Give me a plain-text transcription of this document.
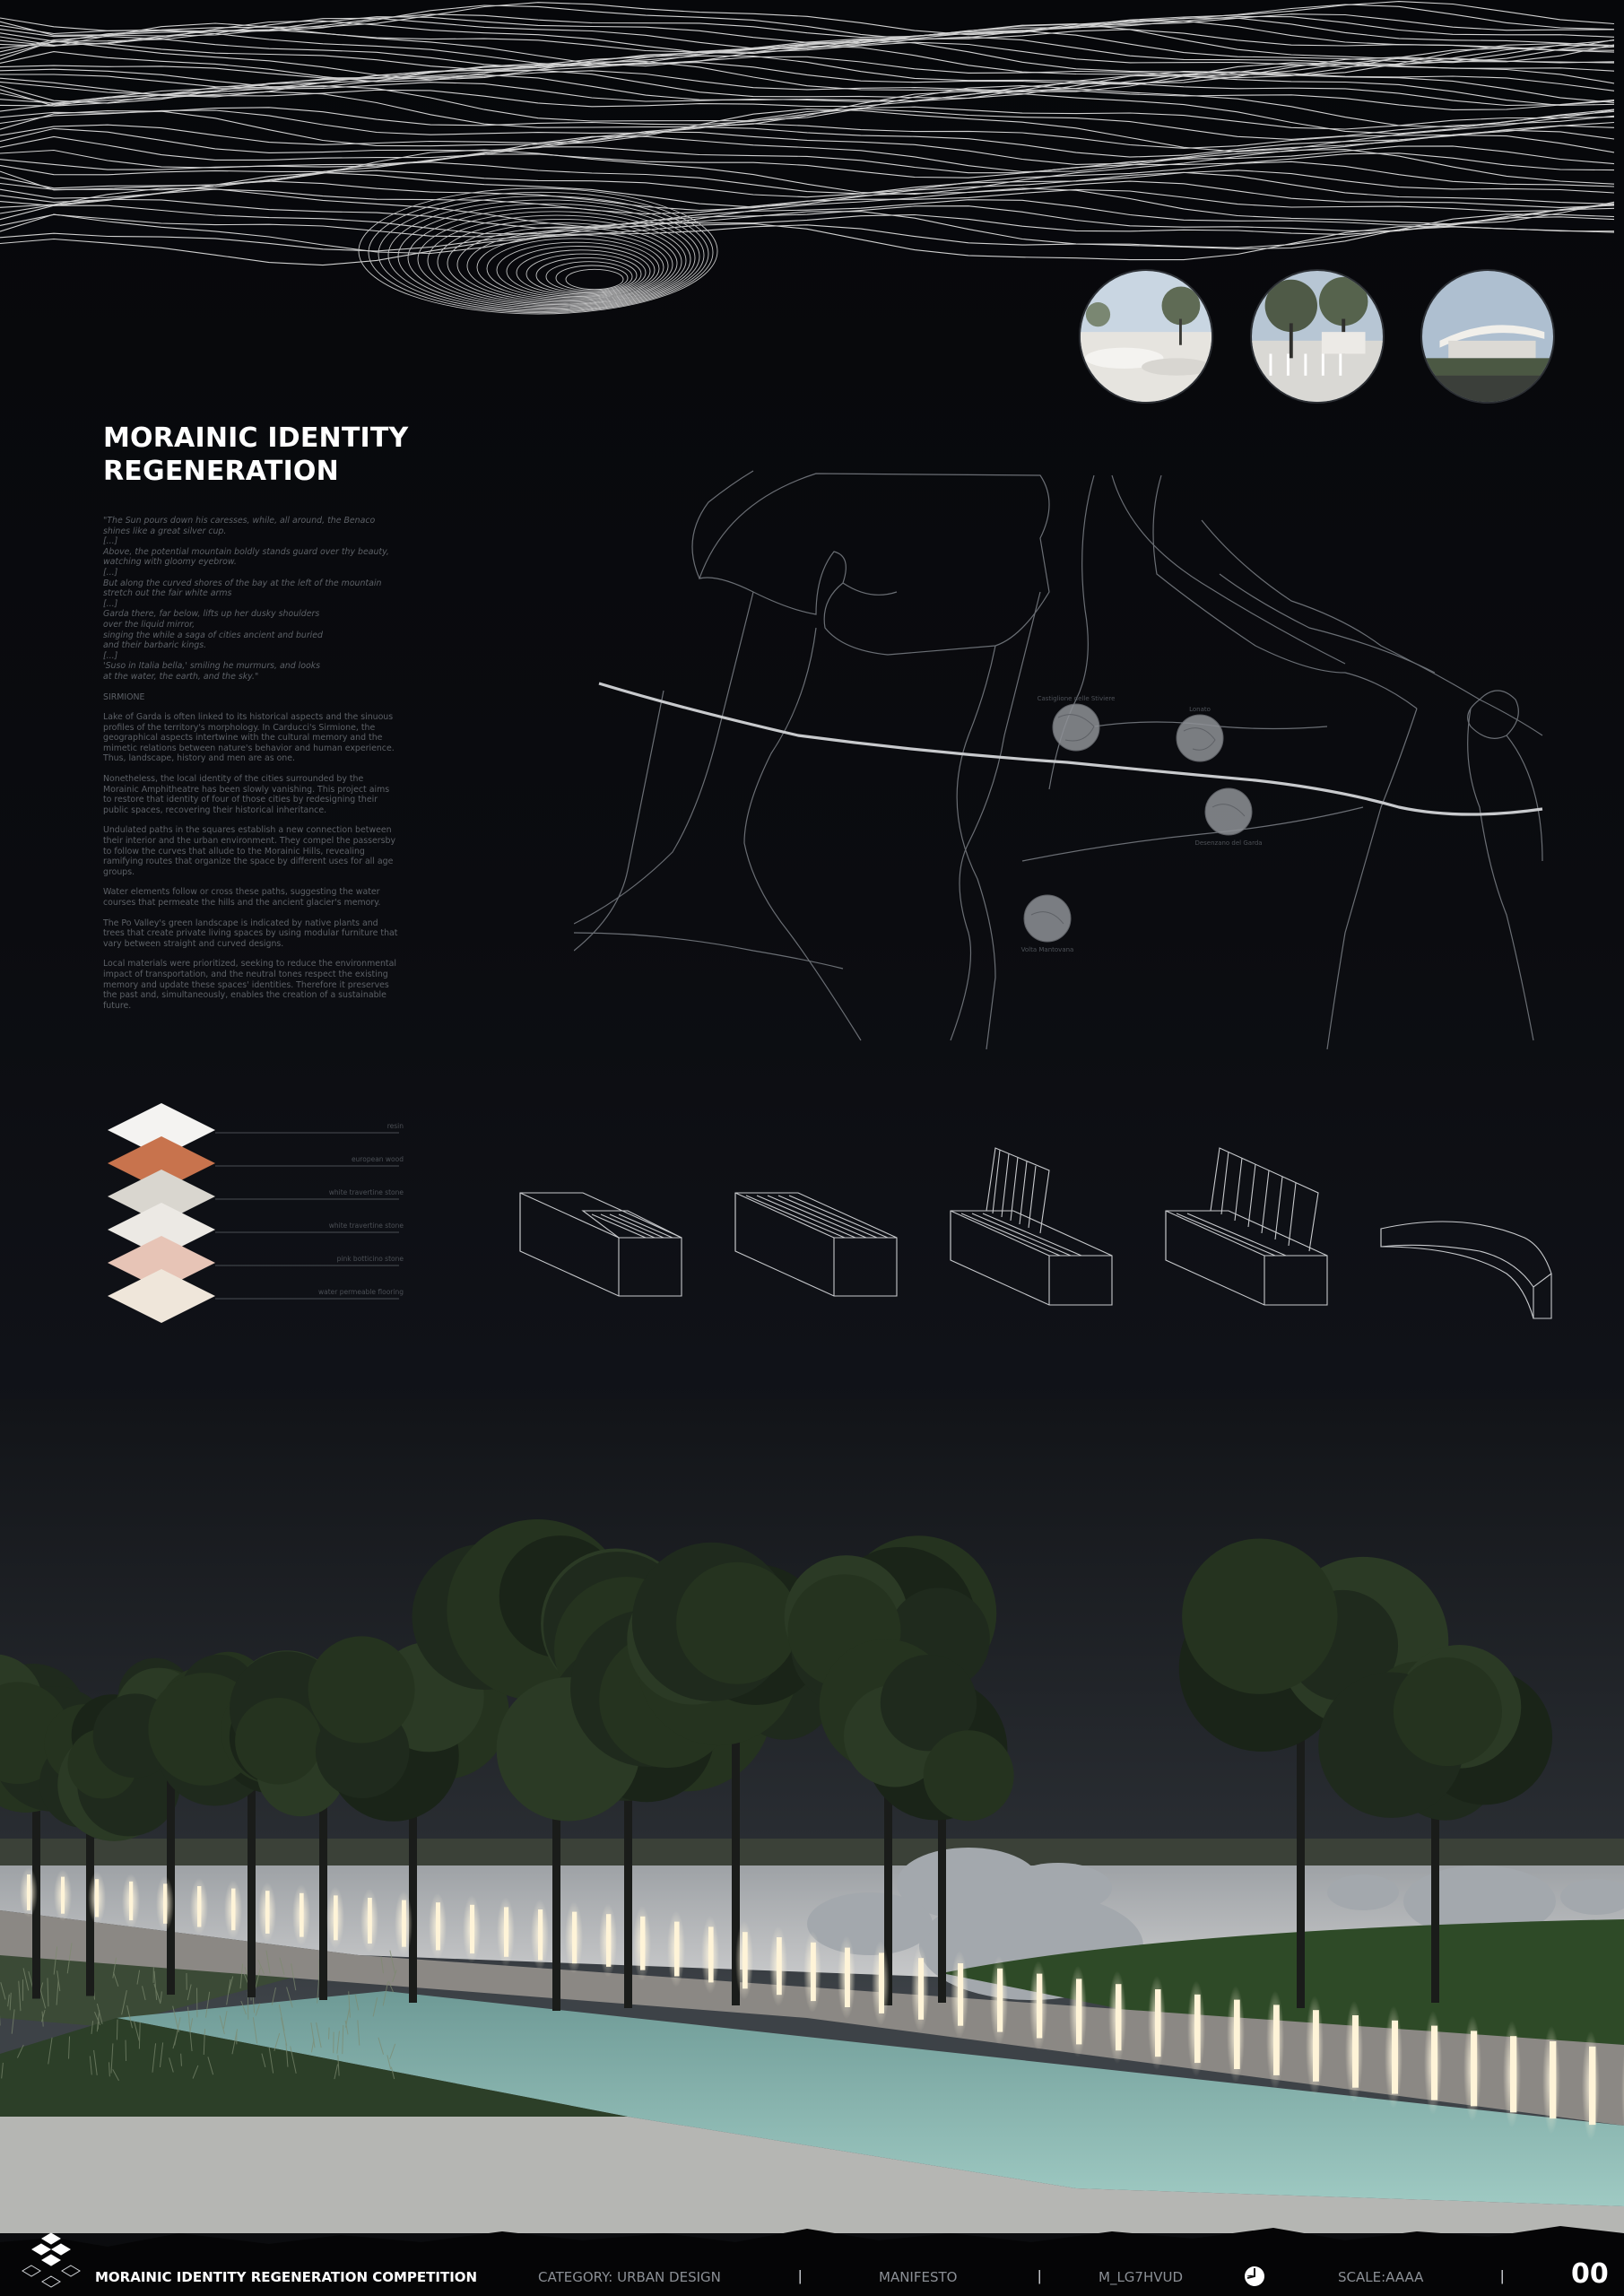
MORAINIC IDENTITY
REGENERATION
"The Sun pours down his caresses, while, all around, the Benaco
shines like a great silver cup.
[...]
Above, the potential mountain boldly stands guard over thy beauty,
watching with gloomy eyebrow.
[...]
But along the curved shores of the bay at the left of the mountain
stretch out the fair white arms
[...]
Garda there, far below, lifts up her dusky shoulders
over the liquid mirror,
singing the while a saga of cities ancient and buried
and their barbaric kings.
[...]
'Suso in Italia bella,' smiling he murmurs, and looks
at the water, the earth, and the sky."
SIRMIONE

Lake of Garda is often linked to its historical aspects and the sinuous profiles of the territory's morphology. In Carducci's Sirmione, the geographical aspects intertwine with the cultural memory and the mimetic relations between nature's behavior and human experience. Thus, landscape, history and men are as one.

Nonetheless, the local identity of the cities surrounded by the Morainic Amphitheatre has been slowly vanishing. This project aims to restore that identity of four of those cities by redesigning their public spaces, recovering their historical inheritance.

Undulated paths in the squares establish a new connection between their interior and the urban environment. They compel the passersby to follow the curves that allude to the Morainic Hills, revealing ramifying routes that organize the space by different uses for all age groups.

Water elements follow or cross these paths, suggesting the water courses that permeate the hills and the ancient glacier's memory.

The Po Valley's green landscape is indicated by native plants and trees that create private living spaces by using modular furniture that vary between straight and curved designs.

Local materials were prioritized, seeking to reduce the environmental impact of transportation, and the neutral tones respect the existing memory and update these spaces' identities. Therefore it preserves the past and, simultaneously, enables the creation of a sustainable future.

Castiglione delle Stiviere
Lonato
Desenzano del Garda
Volta Mantovana
resin
european wood
white travertine stone
white travertine stone
pink botticino stone
water permeable flooring
MORAINIC IDENTITY REGENERATION COMPETITION	CATEGORY: URBAN DESIGN	|	MANIFESTO	|	M_LG7HVUD	SCALE:AAAA	| 00
